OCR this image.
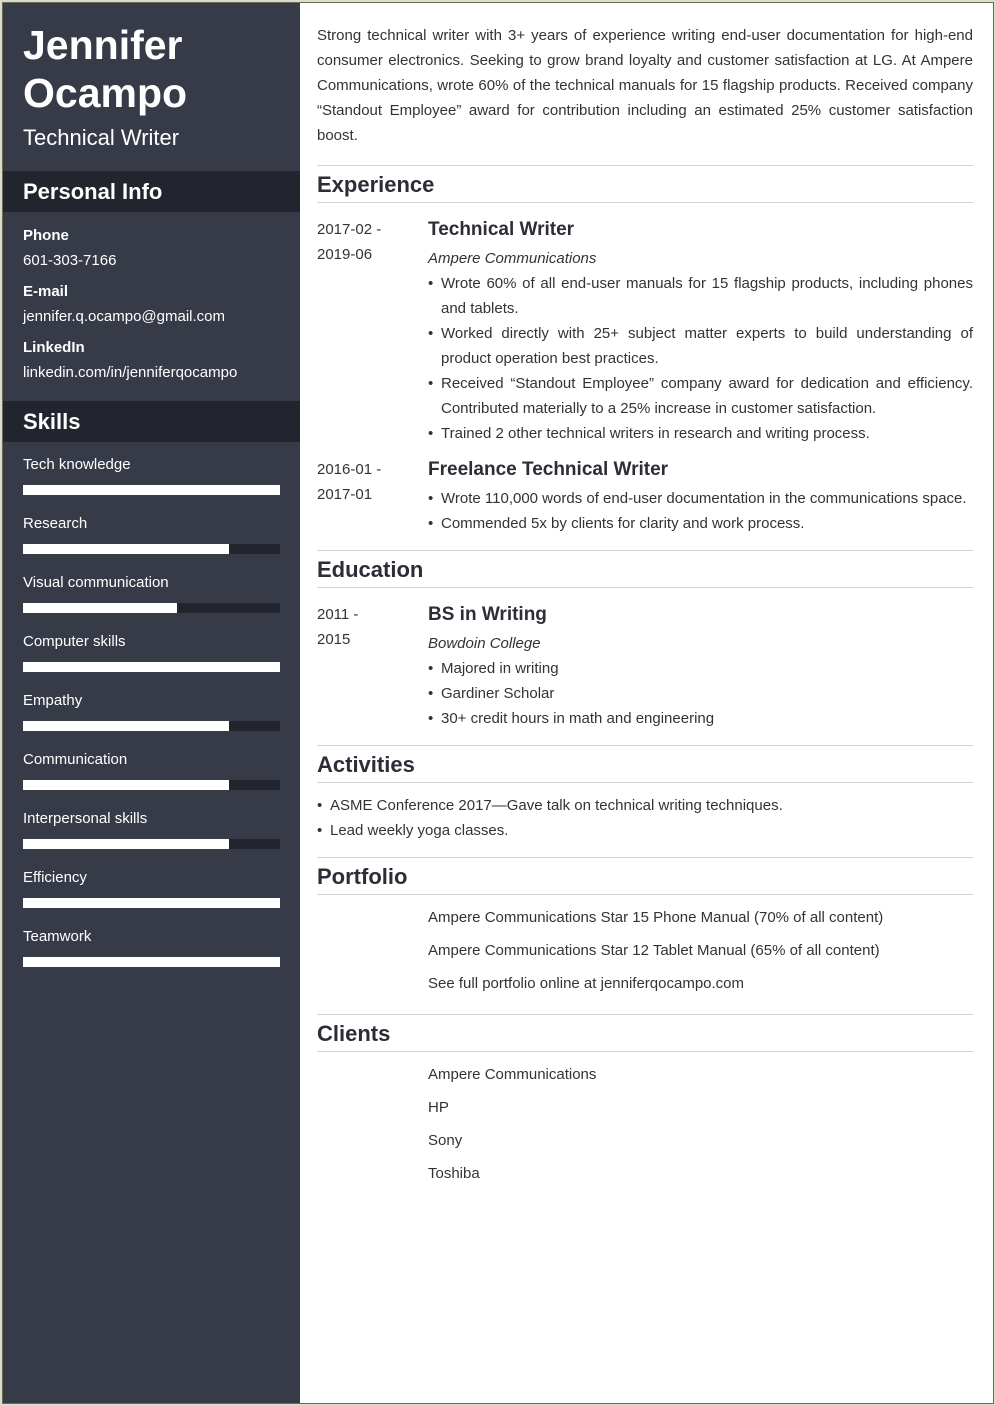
Jennifer
Ocampo
Technical Writer
Personal Info
Phone
601-303-7166
E-mail
jennifer.q.ocampo@gmail.com
LinkedIn
linkedin.com/in/jenniferqocampo
Skills
Tech knowledge
Research
Visual communication
Computer skills
Empathy
Communication
Interpersonal skills
Efficiency
Teamwork

Strong technical writer with 3+ years of experience writing end-user documentation for high-end consumer electronics. Seeking to grow brand loyalty and customer satisfaction at LG. At Ampere Communications, wrote 60% of the technical manuals for 15 flagship products. Received company “Standout Employee” award for contribution including an estimated 25% customer satisfaction boost.

Experience
2017-02 -
2019-06
Technical Writer
Ampere Communications
• Wrote 60% of all end-user manuals for 15 flagship products, including phones and tablets.
• Worked directly with 25+ subject matter experts to build understanding of product operation best practices.
• Received “Standout Employee” company award for dedication and efficiency. Contributed materially to a 25% increase in customer satisfaction.
• Trained 2 other technical writers in research and writing process.
2016-01 -
2017-01
Freelance Technical Writer
• Wrote 110,000 words of end-user documentation in the communications space.
• Commended 5x by clients for clarity and work process.
Education
2011 -
2015
BS in Writing
Bowdoin College
• Majored in writing
• Gardiner Scholar
• 30+ credit hours in math and engineering
Activities
• ASME Conference 2017—Gave talk on technical writing techniques.
• Lead weekly yoga classes.
Portfolio
Ampere Communications Star 15 Phone Manual (70% of all content)
Ampere Communications Star 12 Tablet Manual (65% of all content)
See full portfolio online at jenniferqocampo.com
Clients
Ampere Communications
HP
Sony
Toshiba
